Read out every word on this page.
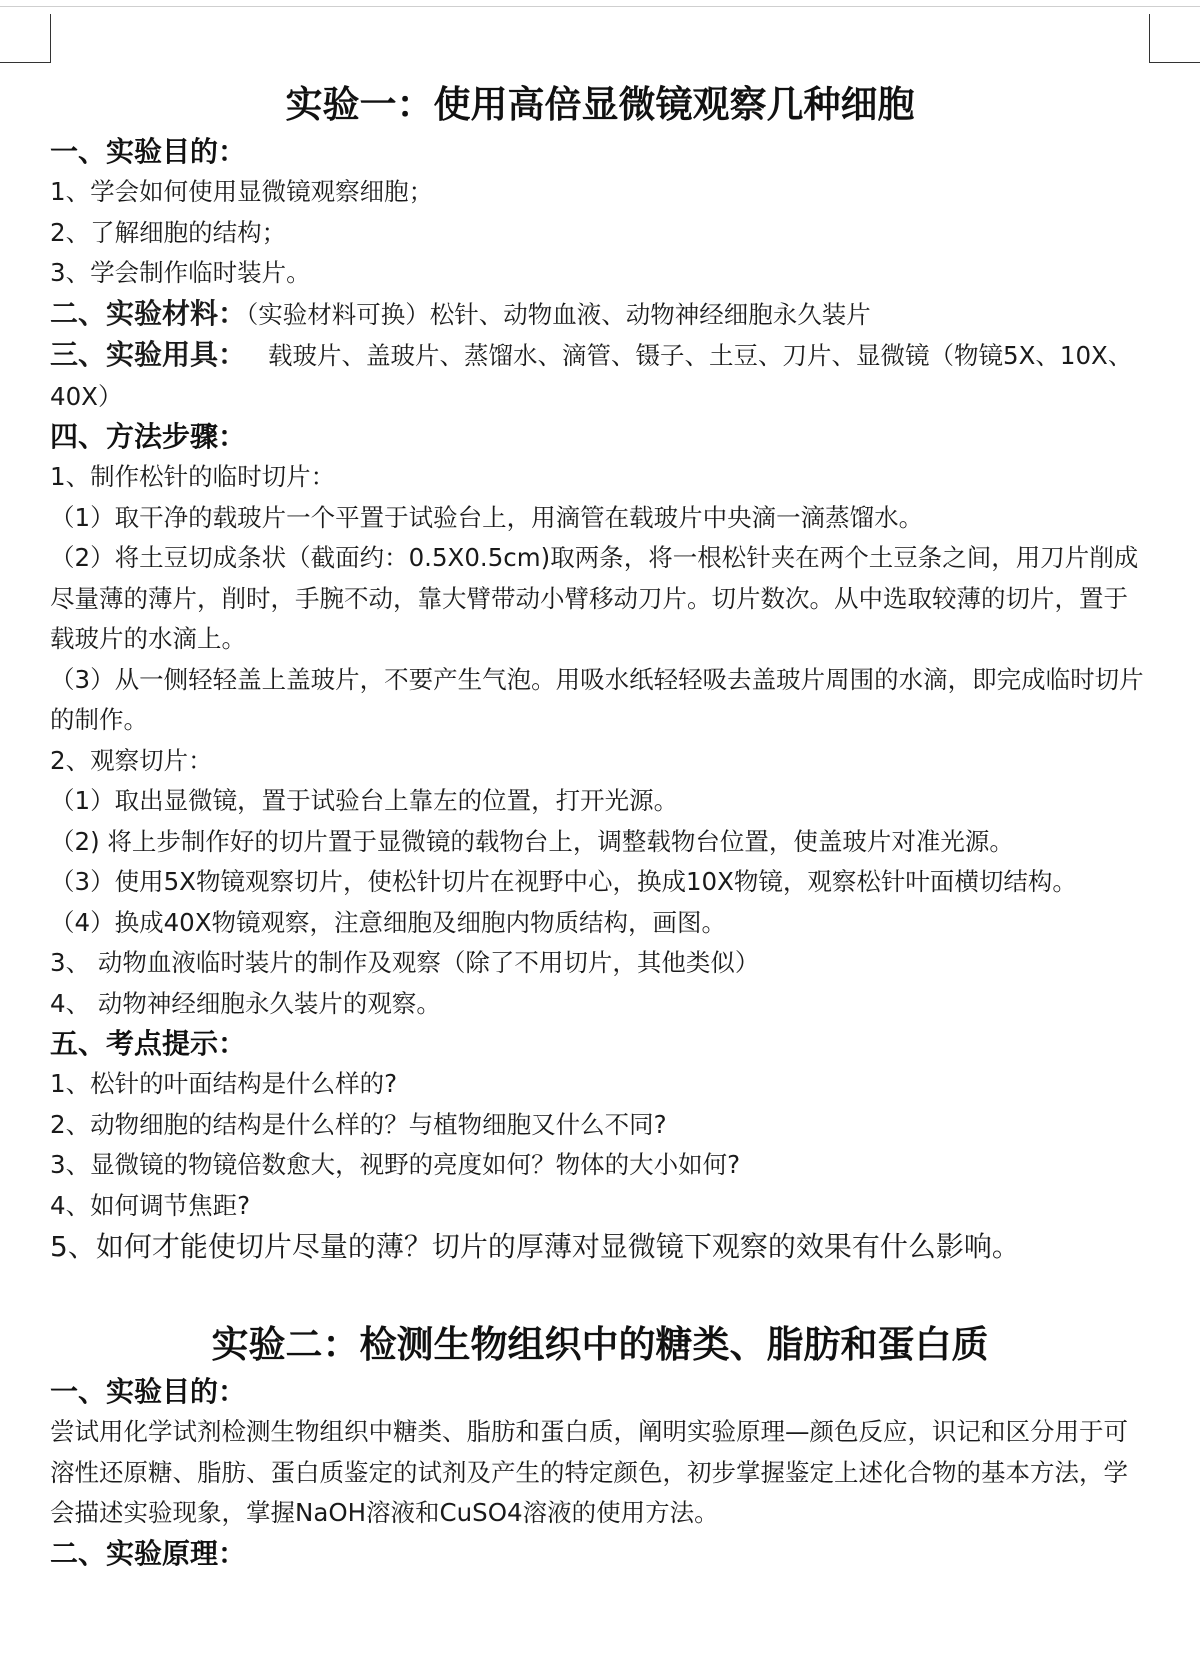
实验一：使用高倍显微镜观察几种细胞
一、实验目的：
1、学会如何使用显微镜观察细胞；
2、了解细胞的结构；
3、学会制作临时装片。
二、实验材料：（实验材料可换）松针、动物血液、动物神经细胞永久装片
三、实验用具： 载玻片、盖玻片、蒸馏水、滴管、镊子、土豆、刀片、显微镜（物镜5X、10X、40X）
四、方法步骤：
1、制作松针的临时切片：
（1）取干净的载玻片一个平置于试验台上，用滴管在载玻片中央滴一滴蒸馏水。
（2）将土豆切成条状（截面约：0.5X0.5cm)取两条，将一根松针夹在两个土豆条之间，用刀片削成尽量薄的薄片，削时，手腕不动，靠大臂带动小臂移动刀片。切片数次。从中选取较薄的切片，置于载玻片的水滴上。
（3）从一侧轻轻盖上盖玻片，不要产生气泡。用吸水纸轻轻吸去盖玻片周围的水滴，即完成临时切片的制作。
2、观察切片：
（1）取出显微镜，置于试验台上靠左的位置，打开光源。
（2) 将上步制作好的切片置于显微镜的载物台上，调整载物台位置，使盖玻片对准光源。
（3）使用5X物镜观察切片，使松针切片在视野中心，换成10X物镜，观察松针叶面横切结构。
（4）换成40X物镜观察，注意细胞及细胞内物质结构，画图。
3、 动物血液临时装片的制作及观察（除了不用切片，其他类似）
4、 动物神经细胞永久装片的观察。
五、考点提示：
1、松针的叶面结构是什么样的?
2、动物细胞的结构是什么样的？与植物细胞又什么不同?
3、显微镜的物镜倍数愈大，视野的亮度如何？物体的大小如何?
4、如何调节焦距?
5、如何才能使切片尽量的薄？切片的厚薄对显微镜下观察的效果有什么影响。
实验二：检测生物组织中的糖类、脂肪和蛋白质
一、实验目的：
尝试用化学试剂检测生物组织中糖类、脂肪和蛋白质，阐明实验原理—颜色反应，识记和区分用于可溶性还原糖、脂肪、蛋白质鉴定的试剂及产生的特定颜色，初步掌握鉴定上述化合物的基本方法，学会描述实验现象，掌握NaOH溶液和CuSO4溶液的使用方法。
二、实验原理：
